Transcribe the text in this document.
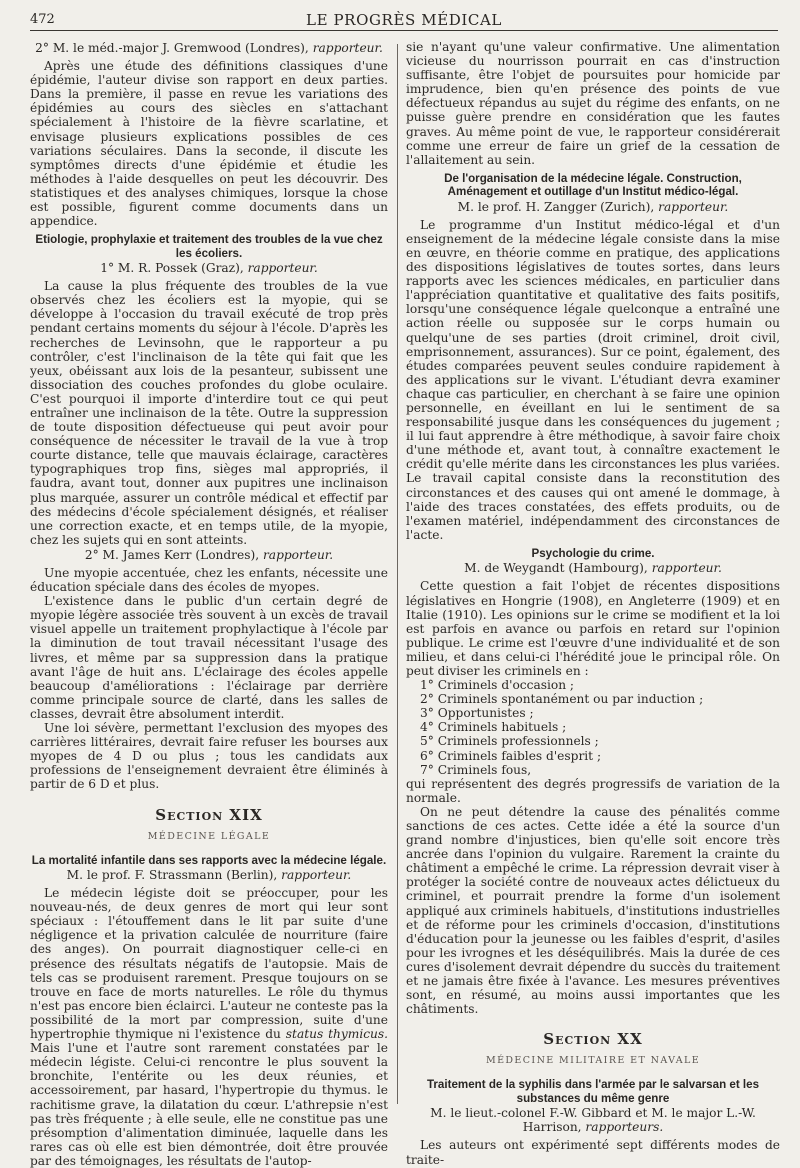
472	LE PROGRÈS MÉDICAL

2° M. le méd.-major J. Gremwood (Londres), rapporteur.

Après une étude des définitions classiques d'une épidémie, l'auteur divise son rapport en deux parties. Dans la première, il passe en revue les variations des épidémies au cours des siècles en s'attachant spécialement à l'histoire de la fièvre scarlatine, et envisage plusieurs explications possibles de ces variations séculaires. Dans la seconde, il discute les symptômes directs d'une épidémie et étudie les méthodes à l'aide desquelles on peut les découvrir. Des statistiques et des analyses chimiques, lorsque la chose est possible, figurent comme documents dans un appendice.

Etiologie, prophylaxie et traitement des troubles de la vue chez les écoliers.

1° M. R. Possek (Graz), rapporteur.

La cause la plus fréquente des troubles de la vue observés chez les écoliers est la myopie, qui se développe à l'occasion du travail exécuté de trop près pendant certains moments du séjour à l'école. D'après les recherches de Levinsohn, que le rapporteur a pu contrôler, c'est l'inclinaison de la tête qui fait que les yeux, obéissant aux lois de la pesanteur, subissent une dissociation des couches profondes du globe oculaire. C'est pourquoi il importe d'interdire tout ce qui peut entraîner une inclinaison de la tête. Outre la suppression de toute disposition défectueuse qui peut avoir pour conséquence de nécessiter le travail de la vue à trop courte distance, telle que mauvais éclairage, caractères typographiques trop fins, sièges mal appropriés, il faudra, avant tout, donner aux pupitres une inclinaison plus marquée, assurer un contrôle médical et effectif par des médecins d'école spécialement désignés, et réaliser une correction exacte, et en temps utile, de la myopie, chez les sujets qui en sont atteints.

2° M. James Kerr (Londres), rapporteur.

Une myopie accentuée, chez les enfants, nécessite une éducation spéciale dans des écoles de myopes.

L'existence dans le public d'un certain degré de myopie légère associée très souvent à un excès de travail visuel appelle un traitement prophylactique à l'école par la diminution de tout travail nécessitant l'usage des livres, et même par sa suppression dans la pratique avant l'âge de huit ans. L'éclairage des écoles appelle beaucoup d'améliorations : l'éclairage par derrière comme principale source de clarté, dans les salles de classes, devrait être absolument interdit.

Une loi sévère, permettant l'exclusion des myopes des carrières littéraires, devrait faire refuser les bourses aux myopes de 4 D ou plus ; tous les candidats aux professions de l'enseignement devraient être éliminés à partir de 6 D et plus.

Section XIX
MÉDECINE LÉGALE
La mortalité infantile dans ses rapports avec la médecine légale.

M. le prof. F. Strassmann (Berlin), rapporteur.

Le médecin légiste doit se préoccuper, pour les nouveau-nés, de deux genres de mort qui leur sont spéciaux : l'étouffement dans le lit par suite d'une négligence et la privation calculée de nourriture (faire des anges). On pourrait diagnostiquer celle-ci en présence des résultats négatifs de l'autopsie. Mais de tels cas se produisent rarement. Presque toujours on se trouve en face de morts naturelles. Le rôle du thymus n'est pas encore bien éclairci. L'auteur ne conteste pas la possibilité de la mort par compression, suite d'une hypertrophie thymique ni l'existence du status thymicus. Mais l'une et l'autre sont rarement constatées par le médecin légiste. Celui-ci rencontre le plus souvent la bronchite, l'entérite ou les deux réunies, et accessoirement, par hasard, l'hypertropie du thymus. le rachitisme grave, la dilatation du cœur. L'athrepsie n'est pas très fréquente ; à elle seule, elle ne constitue pas une présomption d'alimentation diminuée, laquelle dans les rares cas où elle est bien démontrée, doit être prouvée par des témoignages, les résultats de l'autop-

sie n'ayant qu'une valeur confirmative. Une alimentation vicieuse du nourrisson pourrait en cas d'instruction suffisante, être l'objet de poursuites pour homicide par imprudence, bien qu'en présence des points de vue défectueux répandus au sujet du régime des enfants, on ne puisse guère prendre en considération que les fautes graves. Au même point de vue, le rapporteur considérerait comme une erreur de faire un grief de la cessation de l'allaitement au sein.

De l'organisation de la médecine légale. Construction, Aménagement et outillage d'un Institut médico-légal.

M. le prof. H. Zangger (Zurich), rapporteur.

Le programme d'un Institut médico-légal et d'un enseignement de la médecine légale consiste dans la mise en œuvre, en théorie comme en pratique, des applications des dispositions législatives de toutes sortes, dans leurs rapports avec les sciences médicales, en particulier dans l'appréciation quantitative et qualitative des faits positifs, lorsqu'une conséquence légale quelconque a entraîné une action réelle ou supposée sur le corps humain ou quelqu'une de ses parties (droit criminel, droit civil, emprisonnement, assurances). Sur ce point, également, des études comparées peuvent seules conduire rapidement à des applications sur le vivant. L'étudiant devra examiner chaque cas particulier, en cherchant à se faire une opinion personnelle, en éveillant en lui le sentiment de sa responsabilité jusque dans les conséquences du jugement ; il lui faut apprendre à être méthodique, à savoir faire choix d'une méthode et, avant tout, à connaître exactement le crédit qu'elle mérite dans les circonstances les plus variées. Le travail capital consiste dans la reconstitution des circonstances et des causes qui ont amené le dommage, à l'aide des traces constatées, des effets produits, ou de l'examen matériel, indépendamment des circonstances de l'acte.

Psychologie du crime.

M. de Weygandt (Hambourg), rapporteur.

Cette question a fait l'objet de récentes dispositions législatives en Hongrie (1908), en Angleterre (1909) et en Italie (1910). Les opinions sur le crime se modifient et la loi est parfois en avance ou parfois en retard sur l'opinion publique. Le crime est l'œuvre d'une individualité et de son milieu, et dans celui-ci l'hérédité joue le principal rôle. On peut diviser les criminels en :

1° Criminels d'occasion ;

2° Criminels spontanément ou par induction ;

3° Opportunistes ;

4° Criminels habituels ;

5° Criminels professionnels ;

6° Criminels faibles d'esprit ;

7° Criminels fous,

qui représentent des degrés progressifs de variation de la normale.

On ne peut détendre la cause des pénalités comme sanctions de ces actes. Cette idée a été la source d'un grand nombre d'injustices, bien qu'elle soit encore très ancrée dans l'opinion du vulgaire. Rarement la crainte du châtiment a empêché le crime. La répression devrait viser à protéger la société contre de nouveaux actes délictueux du criminel, et pourrait prendre la forme d'un isolement appliqué aux criminels habituels, d'institutions industrielles et de réforme pour les criminels d'occasion, d'institutions d'éducation pour la jeunesse ou les faibles d'esprit, d'asiles pour les ivrognes et les déséquilibrés. Mais la durée de ces cures d'isolement devrait dépendre du succès du traitement et ne jamais être fixée à l'avance. Les mesures préventives sont, en résumé, au moins aussi importantes que les châtiments.

Section XX
MÉDECINE MILITAIRE ET NAVALE
Traitement de la syphilis dans l'armée par le salvarsan et les substances du même genre

M. le lieut.-colonel F.-W. Gibbard et M. le major L.-W. Harrison, rapporteurs.

Les auteurs ont expérimenté sept différents modes de traite-
